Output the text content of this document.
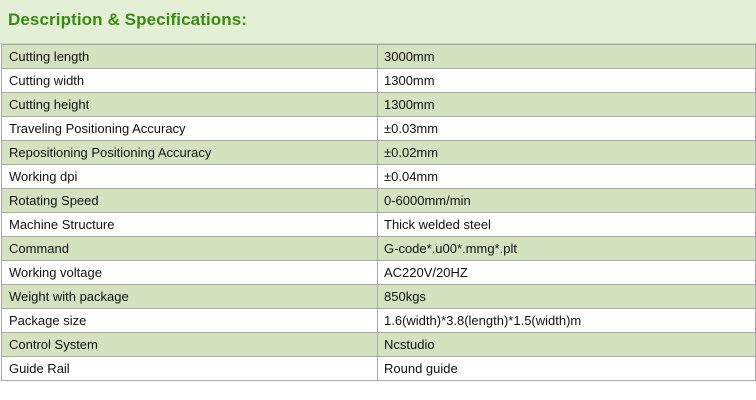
Description & Specifications:
Cutting length	3000mm
Cutting width	1300mm
Cutting height	1300mm
Traveling Positioning Accuracy	±0.03mm
Repositioning Positioning Accuracy	±0.02mm
Working dpi	±0.04mm
Rotating Speed	0-6000mm/min
Machine Structure	Thick welded steel
Command	G-code*.u00*.mmg*.plt
Working voltage	AC220V/20HZ
Weight with package	850kgs
Package size	1.6(width)*3.8(length)*1.5(width)m
Control System	Ncstudio
Guide Rail	Round guide
